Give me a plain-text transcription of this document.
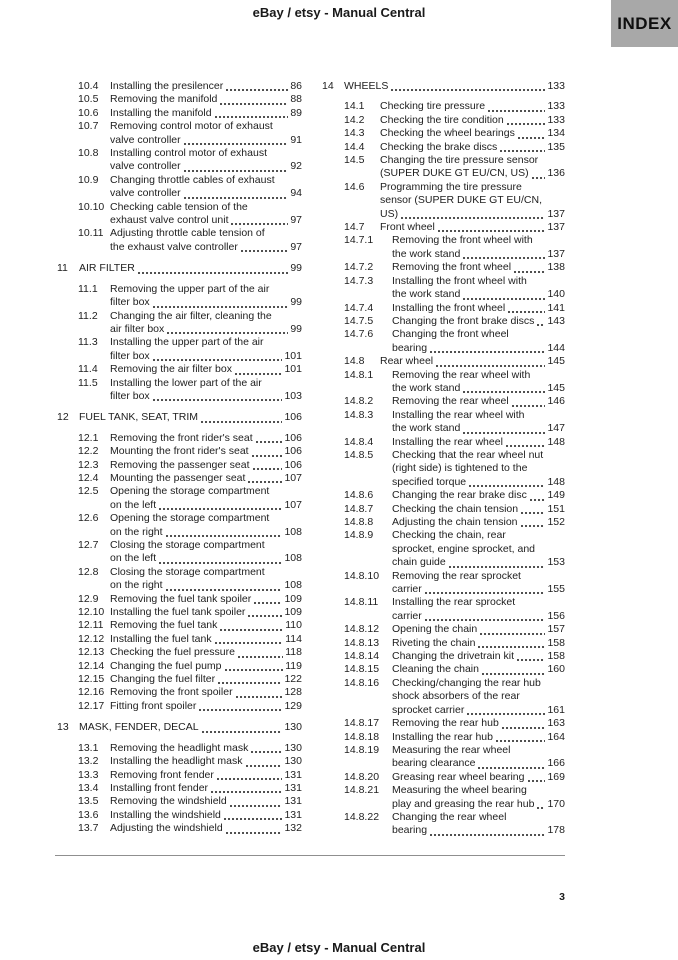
eBay / etsy - Manual Central
INDEX
10.4	Installing the presilencer	86
10.5	Removing the manifold	88
10.6	Installing the manifold	89
10.7	Removing control motor of exhaust
valve controller	91
10.8	Installing control motor of exhaust
valve controller	92
10.9	Changing throttle cables of exhaust
valve controller	94
10.10 Checking cable tension of the
exhaust valve control unit	97
10.11 Adjusting throttle cable tension of
the exhaust valve controller	97
11	AIR FILTER	99
11.1	Removing the upper part of the air
filter box	99
11.2	Changing the air filter, cleaning the
air filter box	99
11.3	Installing the upper part of the air
filter box	101
11.4	Removing the air filter box	101
11.5	Installing the lower part of the air
filter box	103
12 FUEL TANK, SEAT, TRIM	106
12.1	Removing the front rider's seat	106
12.2	Mounting the front rider's seat	106
12.3	Removing the passenger seat	106
12.4	Mounting the passenger seat	107
12.5	Opening the storage compartment
on the left	107
12.6	Opening the storage compartment
on the right	108
12.7	Closing the storage compartment
on the left	108
12.8	Closing the storage compartment
on the right	108
12.9	Removing the fuel tank spoiler	109
12.10 Installing the fuel tank spoiler	109
12.11 Removing the fuel tank	110
12.12 Installing the fuel tank	114
12.13 Checking the fuel pressure	118
12.14 Changing the fuel pump	119
12.15 Changing the fuel filter	122
12.16 Removing the front spoiler	128
12.17 Fitting front spoiler	129
13 MASK, FENDER, DECAL	130
13.1	Removing the headlight mask	130
13.2	Installing the headlight mask	130
13.3	Removing front fender	131
13.4	Installing front fender	131
13.5	Removing the windshield	131
13.6	Installing the windshield	131
13.7	Adjusting the windshield	132
14 WHEELS	133
14.1	Checking tire pressure	133
14.2	Checking the tire condition	133
14.3	Checking the wheel bearings	134
14.4	Checking the brake discs	135
14.5	Changing the tire pressure sensor
(SUPER DUKE GT EU/CN, US) 136
14.6	Programming the tire pressure
sensor (SUPER DUKE GT EU/CN,
US)	137
14.7	Front wheel	137
14.7.1	Removing the front wheel with
the work stand	137
14.7.2	Removing the front wheel	138
14.7.3	Installing the front wheel with
the work stand	140
14.7.4	Installing the front wheel	141
14.7.5	Changing the front brake discs 143
14.7.6	Changing the front wheel
bearing	144
14.8	Rear wheel	145
14.8.1	Removing the rear wheel with
the work stand	145
14.8.2	Removing the rear wheel	146
14.8.3	Installing the rear wheel with
the work stand	147
14.8.4	Installing the rear wheel	148
14.8.5	Checking that the rear wheel nut
(right side) is tightened to the
specified torque	148
14.8.6	Changing the rear brake disc 149
14.8.7	Checking the chain tension	151
14.8.8	Adjusting the chain tension	152
14.8.9	Checking the chain, rear
sprocket, engine sprocket, and
chain guide	153
14.8.10	Removing the rear sprocket
carrier	155
14.8.11	Installing the rear sprocket
carrier	156
14.8.12	Opening the chain	157
14.8.13	Riveting the chain	158
14.8.14	Changing the drivetrain kit	158
14.8.15	Cleaning the chain	160
14.8.16	Checking/changing the rear hub
shock absorbers of the rear
sprocket carrier	161
14.8.17	Removing the rear hub	163
14.8.18	Installing the rear hub	164
14.8.19	Measuring the rear wheel
bearing clearance	166
14.8.20	Greasing rear wheel bearing 169
14.8.21	Measuring the wheel bearing
play and greasing the rear hub 170
14.8.22	Changing the rear wheel
bearing	178
3
eBay / etsy - Manual Central
